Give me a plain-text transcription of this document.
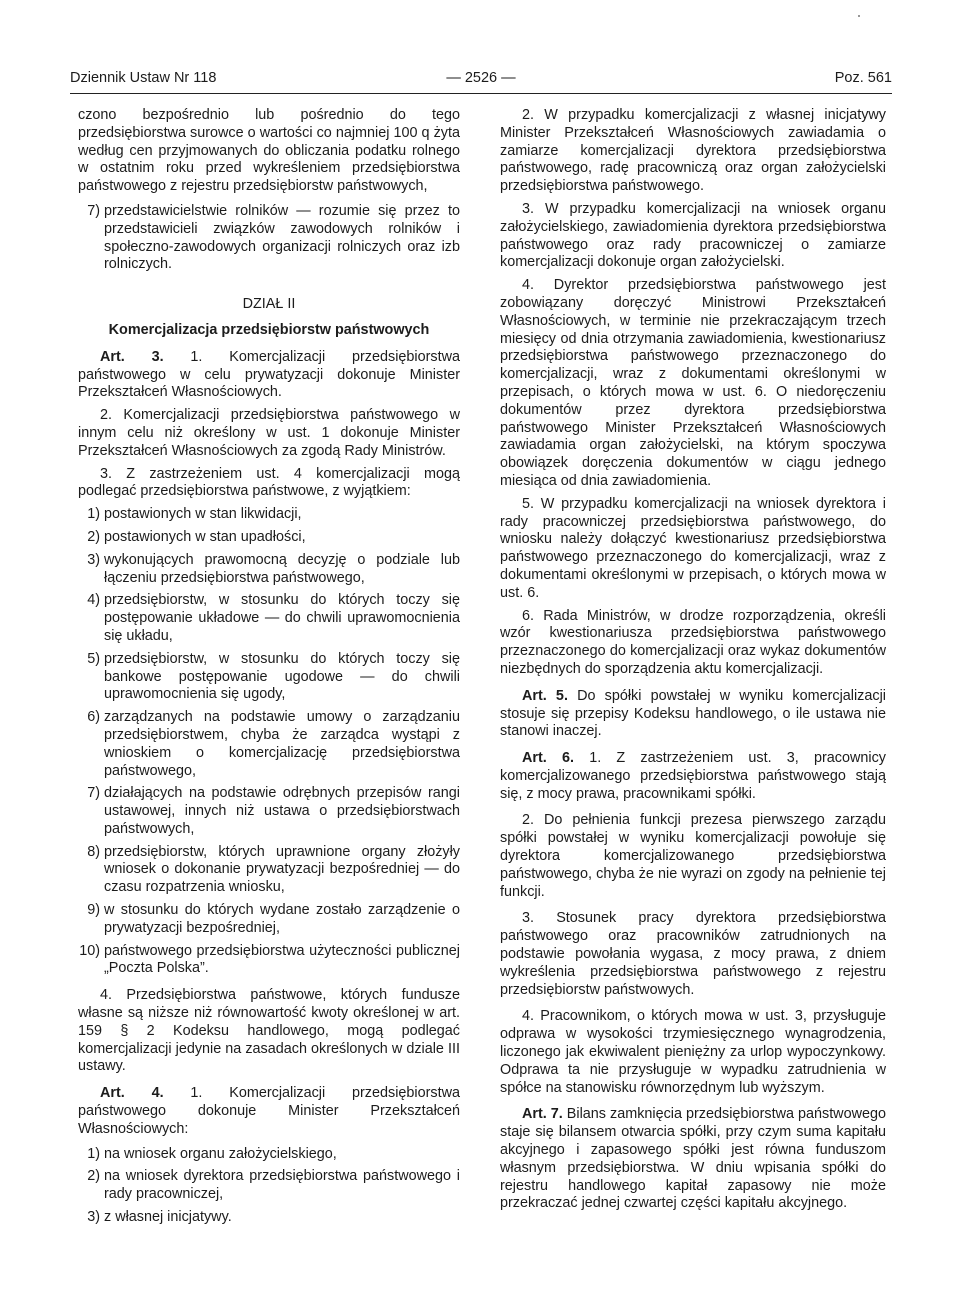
Dziennik Ustaw Nr 118	— 2526 —	Poz. 561

czono bezpośrednio lub pośrednio do tego przedsiębiorstwa surowce o wartości co najmniej 100 q żyta według cen przyjmowanych do obliczania podatku rolnego w ostatnim roku przed wykreśleniem przedsiębiorstwa państwowego z rejestru przedsiębiorstw państwowych,

7) przedstawicielstwie rolników — rozumie się przez to przedstawicieli związków zawodowych rolników i społeczno-zawodowych organizacji rolniczych oraz izb rolniczych.

DZIAŁ II

Komercjalizacja przedsiębiorstw państwowych

Art. 3. 1. Komercjalizacji przedsiębiorstwa państwowego w celu prywatyzacji dokonuje Minister Przekształceń Własnościowych.

2. Komercjalizacji przedsiębiorstwa państwowego w innym celu niż określony w ust. 1 dokonuje Minister Przekształceń Własnościowych za zgodą Rady Ministrów.

3. Z zastrzeżeniem ust. 4 komercjalizacji mogą podlegać przedsiębiorstwa państwowe, z wyjątkiem:

1) postawionych w stan likwidacji,
2) postawionych w stan upadłości,
3) wykonujących prawomocną decyzję o podziale lub łączeniu przedsiębiorstwa państwowego,
4) przedsiębiorstw, w stosunku do których toczy się postępowanie układowe — do chwili uprawomocnienia się układu,
5) przedsiębiorstw, w stosunku do których toczy się bankowe postępowanie ugodowe — do chwili uprawomocnienia się ugody,
6) zarządzanych na podstawie umowy o zarządzaniu przedsiębiorstwem, chyba że zarządca wystąpi z wnioskiem o komercjalizację przedsiębiorstwa państwowego,
7) działających na podstawie odrębnych przepisów rangi ustawowej, innych niż ustawa o przedsiębiorstwach państwowych,
8) przedsiębiorstw, których uprawnione organy złożyły wniosek o dokonanie prywatyzacji bezpośredniej — do czasu rozpatrzenia wniosku,
9) w stosunku do których wydane zostało zarządzenie o prywatyzacji bezpośredniej,
10) państwowego przedsiębiorstwa użyteczności publicznej „Poczta Polska”.

4. Przedsiębiorstwa państwowe, których fundusze własne są niższe niż równowartość kwoty określonej w art. 159 § 2 Kodeksu handlowego, mogą podlegać komercjalizacji jedynie na zasadach określonych w dziale III ustawy.

Art. 4. 1. Komercjalizacji przedsiębiorstwa państwowego dokonuje Minister Przekształceń Własnościowych:

1) na wniosek organu założycielskiego,
2) na wniosek dyrektora przedsiębiorstwa państwowego i rady pracowniczej,
3) z własnej inicjatywy.

2. W przypadku komercjalizacji z własnej inicjatywy Minister Przekształceń Własnościowych zawiadamia o zamiarze komercjalizacji dyrektora przedsiębiorstwa państwowego, radę pracowniczą oraz organ założycielski przedsiębiorstwa państwowego.

3. W przypadku komercjalizacji na wniosek organu założycielskiego, zawiadomienia dyrektora przedsiębiorstwa państwowego oraz rady pracowniczej o zamiarze komercjalizacji dokonuje organ założycielski.

4. Dyrektor przedsiębiorstwa państwowego jest zobowiązany doręczyć Ministrowi Przekształceń Własnościowych, w terminie nie przekraczającym trzech miesięcy od dnia otrzymania zawiadomienia, kwestionariusz przedsiębiorstwa państwowego przeznaczonego do komercjalizacji, wraz z dokumentami określonymi w przepisach, o których mowa w ust. 6. O niedoręczeniu dokumentów przez dyrektora przedsiębiorstwa państwowego Minister Przekształceń Własnościowych zawiadamia organ założycielski, na którym spoczywa obowiązek doręczenia dokumentów w ciągu jednego miesiąca od dnia zawiadomienia.

5. W przypadku komercjalizacji na wniosek dyrektora i rady pracowniczej przedsiębiorstwa państwowego, do wniosku należy dołączyć kwestionariusz przedsiębiorstwa państwowego przeznaczonego do komercjalizacji, wraz z dokumentami określonymi w przepisach, o których mowa w ust. 6.

6. Rada Ministrów, w drodze rozporządzenia, określi wzór kwestionariusza przedsiębiorstwa państwowego przeznaczonego do komercjalizacji oraz wykaz dokumentów niezbędnych do sporządzenia aktu komercjalizacji.

Art. 5. Do spółki powstałej w wyniku komercjalizacji stosuje się przepisy Kodeksu handlowego, o ile ustawa nie stanowi inaczej.

Art. 6. 1. Z zastrzeżeniem ust. 3, pracownicy komercjalizowanego przedsiębiorstwa państwowego stają się, z mocy prawa, pracownikami spółki.

2. Do pełnienia funkcji prezesa pierwszego zarządu spółki powstałej w wyniku komercjalizacji powołuje się dyrektora komercjalizowanego przedsiębiorstwa państwowego, chyba że nie wyrazi on zgody na pełnienie tej funkcji.

3. Stosunek pracy dyrektora przedsiębiorstwa państwowego oraz pracowników zatrudnionych na podstawie powołania wygasa, z mocy prawa, z dniem wykreślenia przedsiębiorstwa państwowego z rejestru przedsiębiorstw państwowych.

4. Pracownikom, o których mowa w ust. 3, przysługuje odprawa w wysokości trzymiesięcznego wynagrodzenia, liczonego jak ekwiwalent pieniężny za urlop wypoczynkowy. Odprawa ta nie przysługuje w wypadku zatrudnienia w spółce na stanowisku równorzędnym lub wyższym.

Art. 7. Bilans zamknięcia przedsiębiorstwa państwowego staje się bilansem otwarcia spółki, przy czym suma kapitału akcyjnego i zapasowego spółki jest równa funduszom własnym przedsiębiorstwa. W dniu wpisania spółki do rejestru handlowego kapitał zapasowy nie może przekraczać jednej czwartej części kapitału akcyjnego.
